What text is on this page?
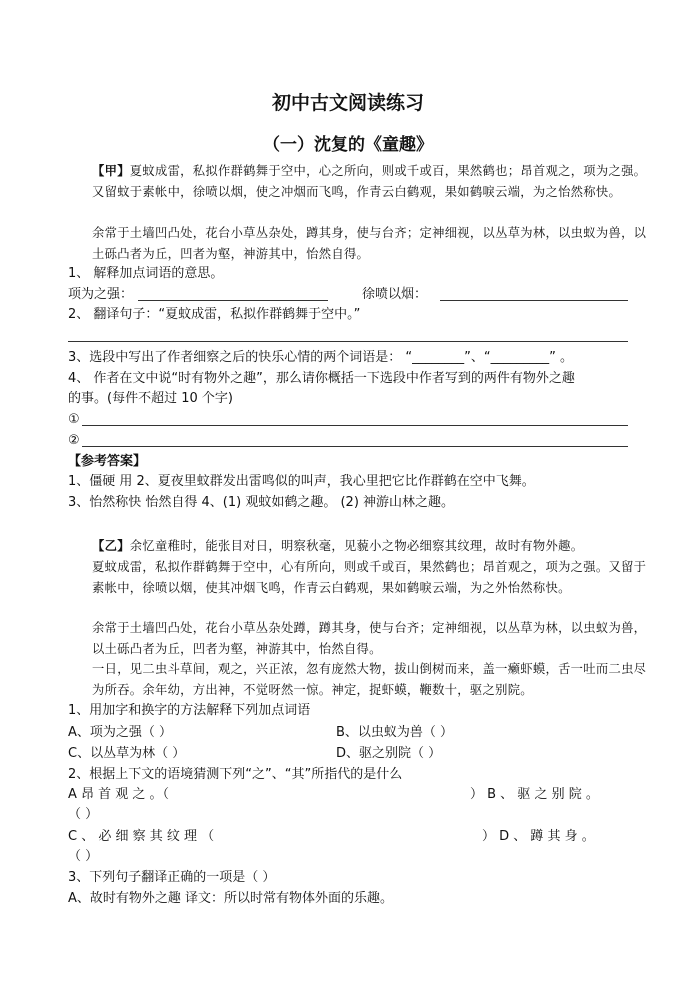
初中古文阅读练习
（一）沈复的《童趣》
【甲】夏蚊成雷，私拟作群鹤舞于空中，心之所向，则或千或百，果然鹤也；昂首观之，项为之强。又留蚊于素帐中，徐喷以烟，使之冲烟而飞鸣，作青云白鹤观，果如鹤唳云端，为之怡然称快。
余常于土墙凹凸处，花台小草丛杂处，蹲其身，使与台齐；定神细视，以丛草为林，以虫蚁为兽，以土砾凸者为丘，凹者为壑，神游其中，怡然自得。
1、 解释加点词语的意思。
项为之强：	徐喷以烟：
2、 翻译句子：“夏蚊成雷，私拟作群鹤舞于空中。”
3、选段中写出了作者细察之后的快乐心情的两个词语是： “________”、“_________” 。
4、 作者在文中说“时有物外之趣”，那么请你概括一下选段中作者写到的两件有物外之趣
的事。(每件不超过 10 个字)
①
②
【参考答案】
1、僵硬 用 2、夏夜里蚊群发出雷鸣似的叫声，我心里把它比作群鹤在空中飞舞。
3、怡然称快 怡然自得 4、(1) 观蚊如鹤之趣。 (2) 神游山林之趣。
【乙】余忆童稚时，能张目对日，明察秋毫，见藐小之物必细察其纹理，故时有物外趣。
夏蚊成雷，私拟作群鹤舞于空中，心有所向，则或千或百，果然鹤也；昂首观之，项为之强。又留于素帐中，徐喷以烟，使其冲烟飞鸣，作青云白鹤观，果如鹤唳云端，为之外怡然称快。
余常于土墙凹凸处，花台小草丛杂处蹲，蹲其身，使与台齐；定神细视，以丛草为林，以虫蚁为兽，以土砾凸者为丘，凹者为壑，神游其中，怡然自得。
一日，见二虫斗草间，观之，兴正浓，忽有庞然大物，拔山倒树而来，盖一癞虾蟆，舌一吐而二虫尽为所吞。余年幼，方出神，不觉呀然一惊。神定，捉虾蟆，鞭数十，驱之别院。
1、用加字和换字的方法解释下列加点词语
A、项为之强（ ）	B、以虫蚁为兽（ ）
C、以丛草为林（ ）	D、驱之别院（ ）
2、根据上下文的语境猜测下列“之”、“其”所指代的是什么
A 昂 首 观 之 。（	） B 、 驱 之 别 院 。
（ ）
C 、 必 细 察 其 纹 理 （	） D 、 蹲 其 身 。
（ ）
3、下列句子翻译正确的一项是（ ）
A、故时有物外之趣 译文：所以时常有物体外面的乐趣。
